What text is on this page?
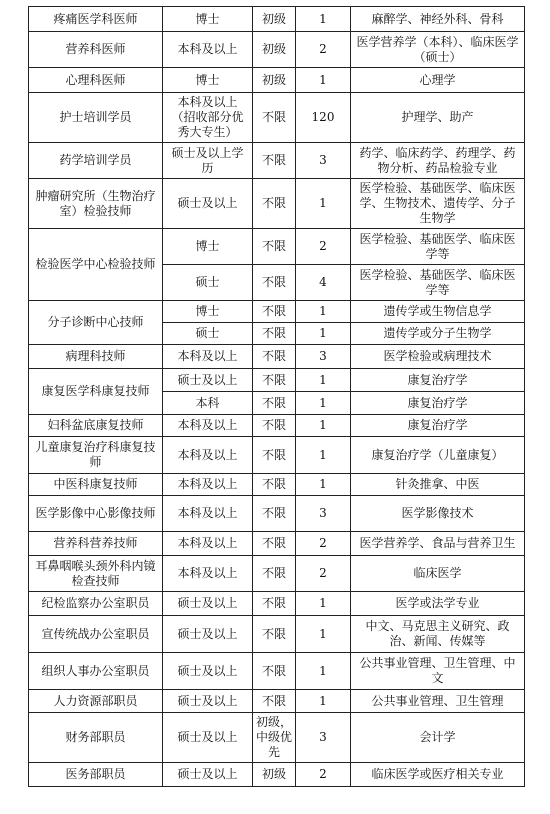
疼痛医学科医师	博士	初级	1	麻醉学、神经外科、骨科
营养科医师	本科及以上	初级	2	医学营养学（本科）、临床医学（硕士）
心理科医师	博士	初级	1	心理学
护士培训学员	本科及以上（招收部分优秀大专生）	不限	120	护理学、助产
药学培训学员	硕士及以上学历	不限	3	药学、临床药学、药理学、药物分析、药品检验专业
肿瘤研究所（生物治疗室）检验技师	硕士及以上	不限	1	医学检验、基础医学、临床医学、生物技术、遗传学、分子生物学
检验医学中心检验技师	博士	不限	2	医学检验、基础医学、临床医学等
	硕士	不限	4	医学检验、基础医学、临床医学等
分子诊断中心技师	博士	不限	1	遗传学或生物信息学
	硕士	不限	1	遗传学或分子生物学
病理科技师	本科及以上	不限	3	医学检验或病理技术
康复医学科康复技师	硕士及以上	不限	1	康复治疗学
	本科	不限	1	康复治疗学
妇科盆底康复技师	本科及以上	不限	1	康复治疗学
儿童康复治疗科康复技师	本科及以上	不限	1	康复治疗学（儿童康复）
中医科康复技师	本科及以上	不限	1	针灸推拿、中医
医学影像中心影像技师	本科及以上	不限	3	医学影像技术
营养科营养技师	本科及以上	不限	2	医学营养学、食品与营养卫生
耳鼻咽喉头颈外科内镜检查技师	本科及以上	不限	2	临床医学
纪检监察办公室职员	硕士及以上	不限	1	医学或法学专业
宣传统战办公室职员	硕士及以上	不限	1	中文、马克思主义研究、政治、新闻、传媒等
组织人事办公室职员	硕士及以上	不限	1	公共事业管理、卫生管理、中文
人力资源部职员	硕士及以上	不限	1	公共事业管理、卫生管理
财务部职员	硕士及以上	初级，中级优先	3	会计学
医务部职员	硕士及以上	初级	2	临床医学或医疗相关专业
